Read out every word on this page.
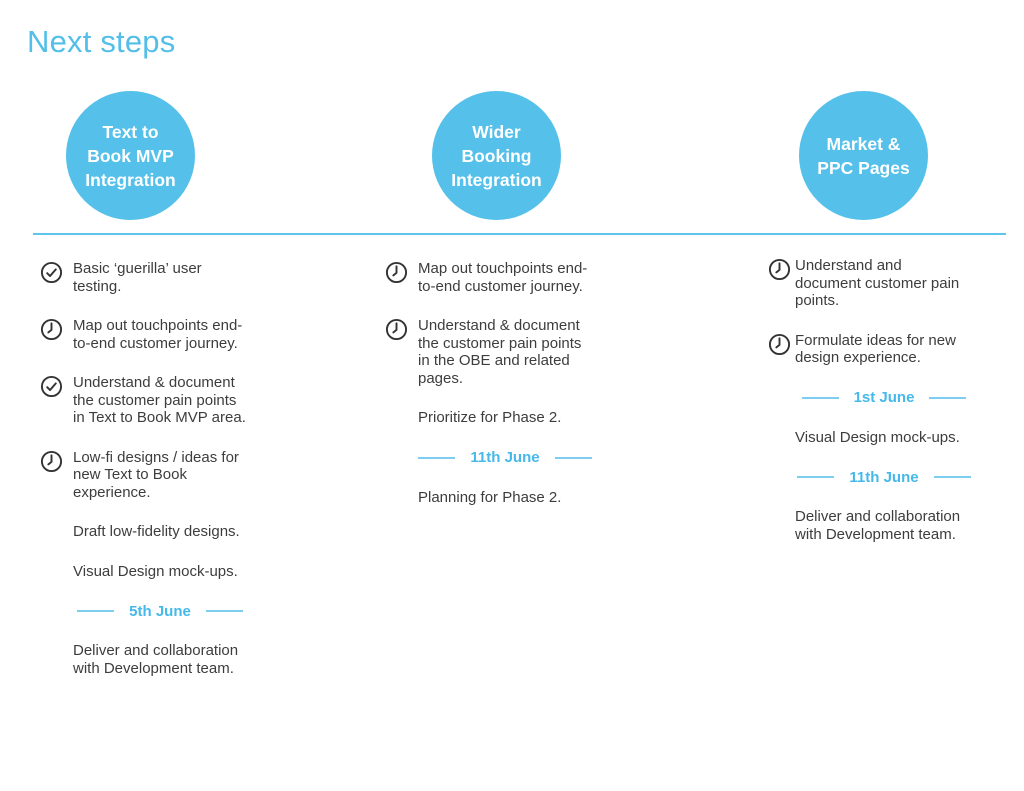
Next steps
Text to
Book MVP
Integration
Wider
Booking
Integration
Market &
PPC Pages
Basic ‘guerilla’ user
testing.
Map out touchpoints end-
to-end customer journey.
Understand & document
the customer pain points
in Text to Book MVP area.
Low-fi designs / ideas for
new Text to Book
experience.
Draft low-fidelity designs.
Visual Design mock-ups.
5th June
Deliver and collaboration
with Development team.
Map out touchpoints end-
to-end customer journey.
Understand & document
the customer pain points
in the OBE and related
pages.
Prioritize for Phase 2.
11th June
Planning for Phase 2.
Understand and
document customer pain
points.
Formulate ideas for new
design experience.
1st June
Visual Design mock-ups.
11th June
Deliver and collaboration
with Development team.
